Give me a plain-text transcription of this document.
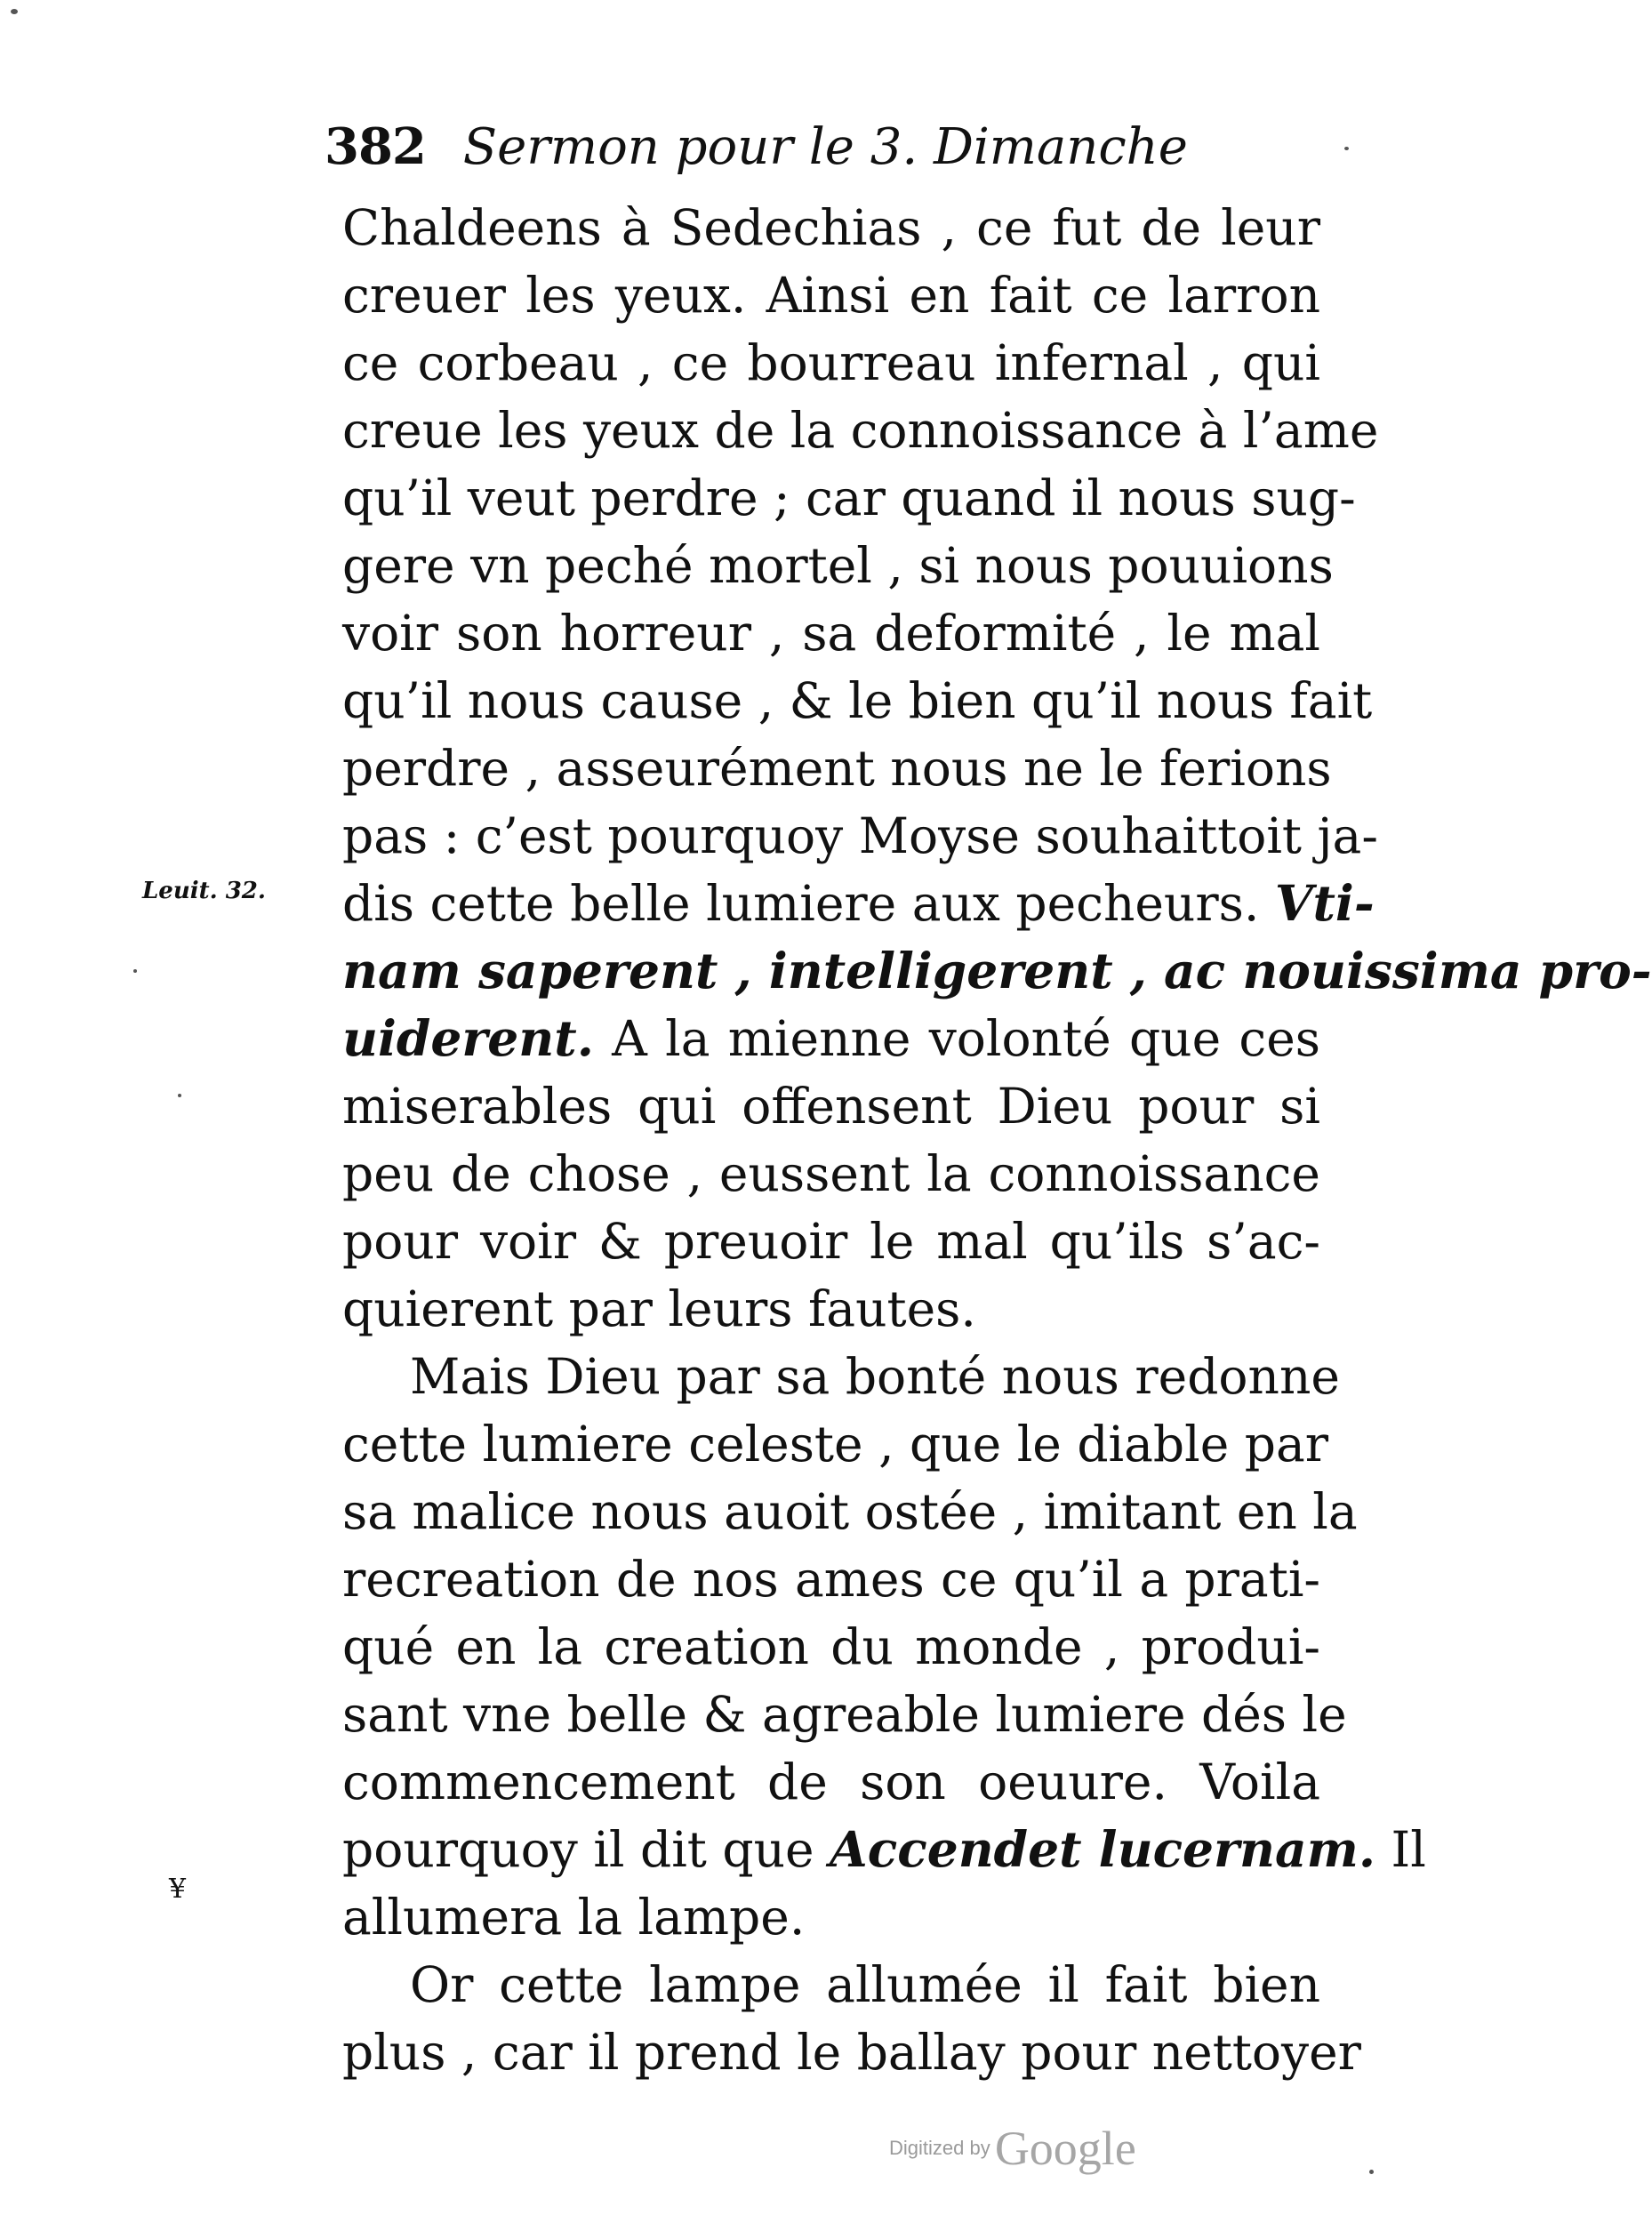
382 Sermon pour le 3. Dimanche
Leuit. 32.
¥
Chaldeens à Sedechias , ce fut de leur
creuer les yeux. Ainsi en fait ce larron
ce corbeau , ce bourreau infernal , qui
creue les yeux de la connoissance à l’ame
qu’il veut perdre ; car quand il nous sug-
gere vn peché mortel , si nous pouuions
voir son horreur , sa deformité , le mal
qu’il nous cause , & le bien qu’il nous fait
perdre , asseurément nous ne le ferions
pas : c’est pourquoy Moyse souhaittoit ja-
dis cette belle lumiere aux pecheurs. Vti-
nam saperent , intelligerent , ac nouissima pro-
uiderent. A la mienne volonté que ces
miserables qui offensent Dieu pour si
peu de chose , eussent la connoissance
pour voir & preuoir le mal qu’ils s’ac-
quierent par leurs fautes.
Mais Dieu par sa bonté nous redonne
cette lumiere celeste , que le diable par
sa malice nous auoit ostée , imitant en la
recreation de nos ames ce qu’il a prati-
qué en la creation du monde , produi-
sant vne belle & agreable lumiere dés le
commencement de son oeuure. Voila
pourquoy il dit que Accendet lucernam. Il
allumera la lampe.
Or cette lampe allumée il fait bien
plus , car il prend le ballay pour nettoyer
Digitized by Google
